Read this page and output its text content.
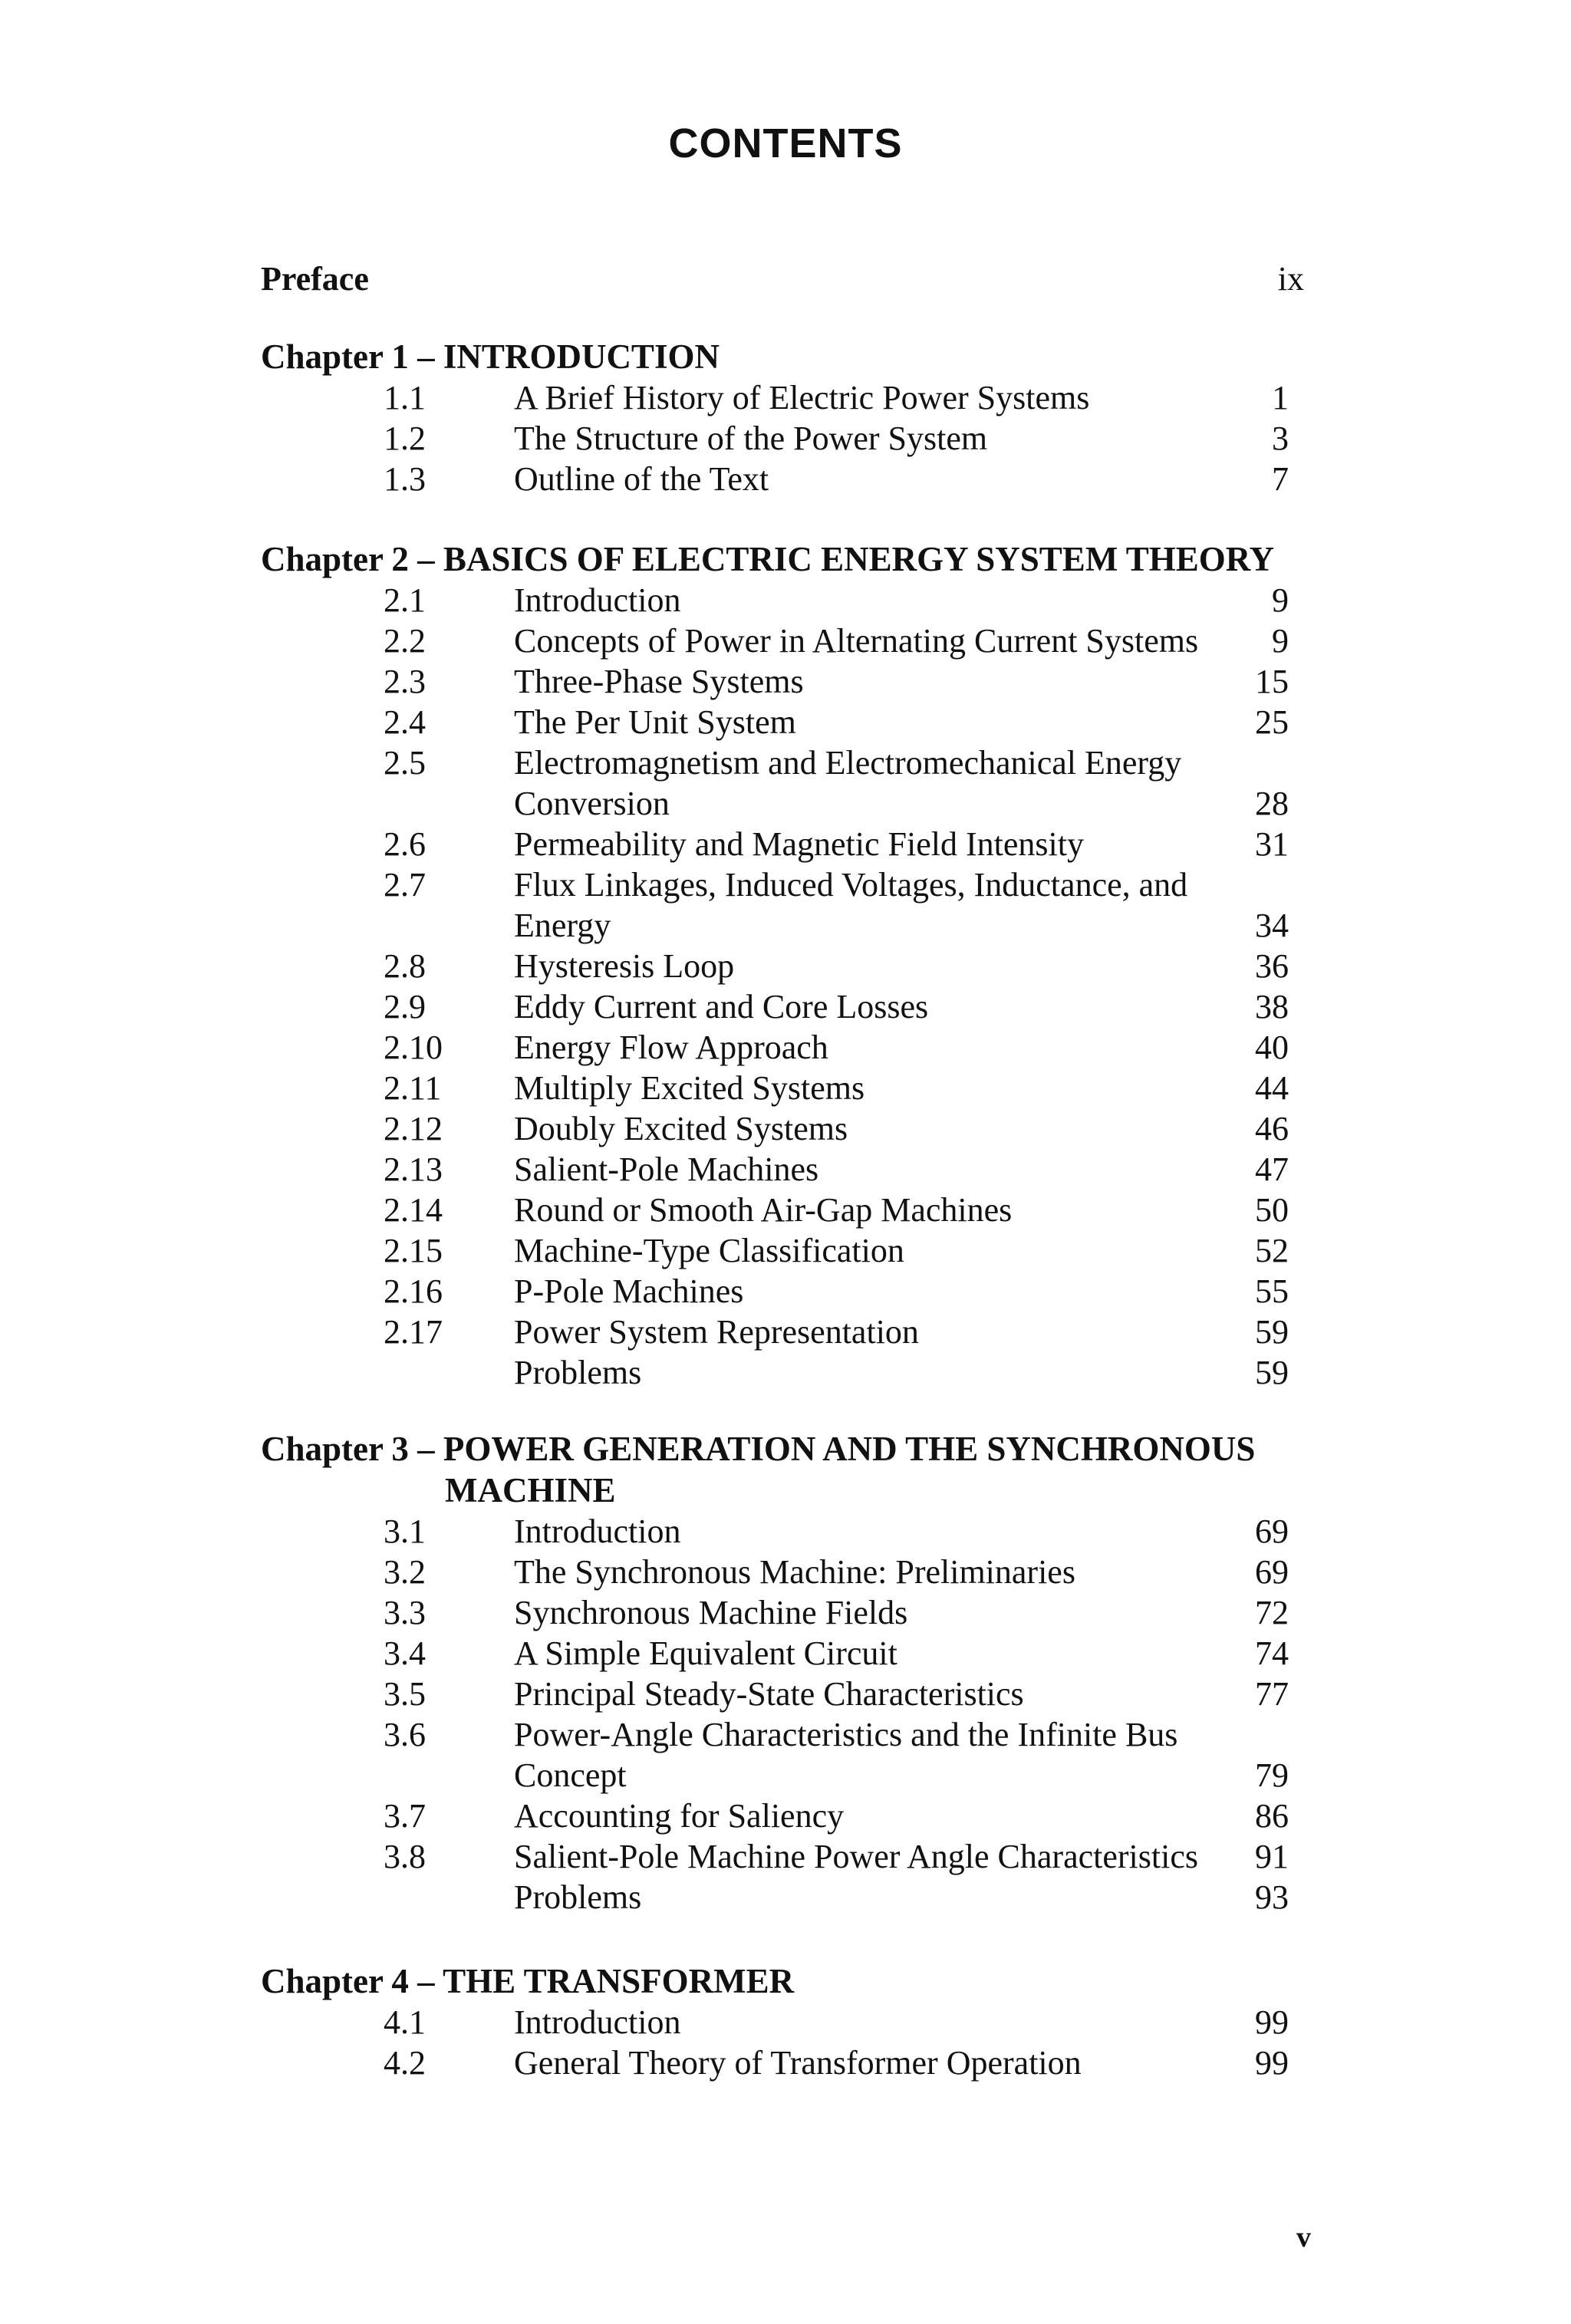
CONTENTS
Preface	ix
Chapter 1 – INTRODUCTION
1.1	A Brief History of Electric Power Systems	1
1.2	The Structure of the Power System	3
1.3	Outline of the Text	7
Chapter 2 – BASICS OF ELECTRIC ENERGY SYSTEM THEORY
2.1	Introduction	9
2.2	Concepts of Power in Alternating Current Systems	9
2.3	Three-Phase Systems	15
2.4	The Per Unit System	25
2.5	Electromagnetism and Electromechanical Energy Conversion	28
2.6	Permeability and Magnetic Field Intensity	31
2.7	Flux Linkages, Induced Voltages, Inductance, and Energy	34
2.8	Hysteresis Loop	36
2.9	Eddy Current and Core Losses	38
2.10 Energy Flow Approach	40
2.11 Multiply Excited Systems	44
2.12 Doubly Excited Systems	46
2.13 Salient-Pole Machines	47
2.14 Round or Smooth Air-Gap Machines	50
2.15 Machine-Type Classification	52
2.16 P-Pole Machines	55
2.17 Power System Representation	59
Problems	59
Chapter 3 – POWER GENERATION AND THE SYNCHRONOUS
MACHINE
3.1	Introduction	69
3.2	The Synchronous Machine: Preliminaries	69
3.3	Synchronous Machine Fields	72
3.4	A Simple Equivalent Circuit	74
3.5	Principal Steady-State Characteristics	77
3.6	Power-Angle Characteristics and the Infinite Bus Concept	79
3.7	Accounting for Saliency	86
3.8	Salient-Pole Machine Power Angle Characteristics	91
Problems	93
Chapter 4 – THE TRANSFORMER
4.1	Introduction	99
4.2	General Theory of Transformer Operation	99
v
